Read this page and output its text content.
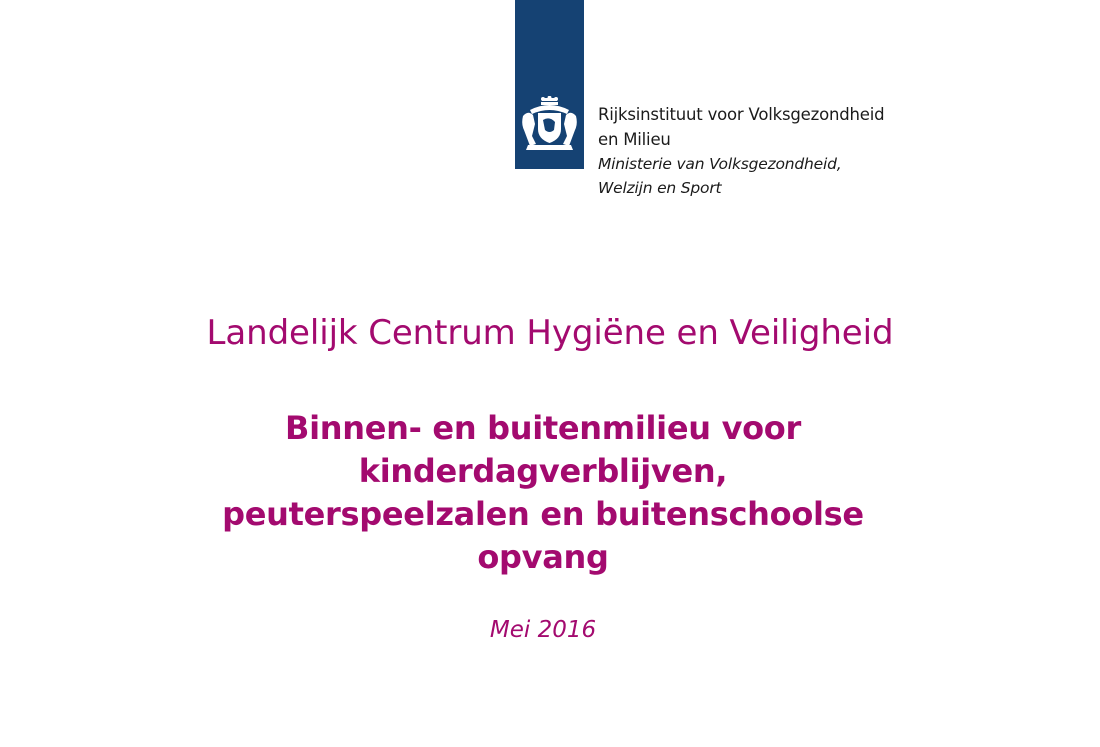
Rijksinstituut voor Volksgezondheid
en Milieu
Ministerie van Volksgezondheid,
Welzijn en Sport
Landelijk Centrum Hygiëne en Veiligheid
Binnen- en buitenmilieu voor
kinderdagverblijven,
peuterspeelzalen en buitenschoolse
opvang
Mei 2016
